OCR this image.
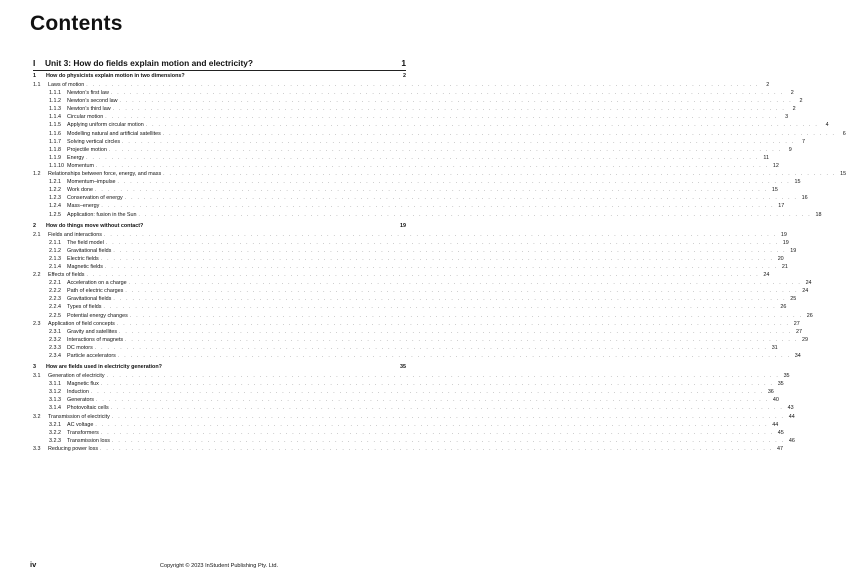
Contents
I	Unit 3: How do fields explain motion and electricity?	1
1	How do physicists explain motion in two dimensions?	2
1.1	Laws of motion . . . . . . . . . . . . . . . . . . . . . . . . . . . . . . . . . . . . . . . . . . . . . . . . . . . . . . . . . . . . . . . . . . . . . . . . . . . . . . . . . . . . . . . . . . . . . . . . . . . . . . . . . .	2
1.1.1	Newton’s first law . . . . . . . . . . . . . . . . . . . . . . . . . . . . . . . . . . . . . . . . . . . . . . . . . . . . . . . . . . . . . . . . . . . . . . . . . . . . . . . . . . . . . . . . . . . . . . . . . . . . . . . . . .	2
1.1.2	Newton’s second law . . . . . . . . . . . . . . . . . . . . . . . . . . . . . . . . . . . . . . . . . . . . . . . . . . . . . . . . . . . . . . . . . . . . . . . . . . . . . . . . . . . . . . . . . . . . . . . . . . . . . . . . . .	2
1.1.3	Newton’s third law . . . . . . . . . . . . . . . . . . . . . . . . . . . . . . . . . . . . . . . . . . . . . . . . . . . . . . . . . . . . . . . . . . . . . . . . . . . . . . . . . . . . . . . . . . . . . . . . . . . . . . . . . .	2
1.1.4	Circular motion . . . . . . . . . . . . . . . . . . . . . . . . . . . . . . . . . . . . . . . . . . . . . . . . . . . . . . . . . . . . . . . . . . . . . . . . . . . . . . . . . . . . . . . . . . . . . . . . . . . . . . . . . .	3
1.1.5	Applying uniform circular motion . . . . . . . . . . . . . . . . . . . . . . . . . . . . . . . . . . . . . . . . . . . . . . . . . . . . . . . . . . . . . . . . . . . . . . . . . . . . . . . . . . . . . . . . . . . . . . . . . . . . . . . . . .	4
1.1.6	Modelling natural and artificial satellites . . . . . . . . . . . . . . . . . . . . . . . . . . . . . . . . . . . . . . . . . . . . . . . . . . . . . . . . . . . . . . . . . . . . . . . . . . . . . . . . . . . . . . . . . . . . . . . . . . . . . . . . . .	6
1.1.7	Solving vertical circles . . . . . . . . . . . . . . . . . . . . . . . . . . . . . . . . . . . . . . . . . . . . . . . . . . . . . . . . . . . . . . . . . . . . . . . . . . . . . . . . . . . . . . . . . . . . . . . . . . . . . . . . . .	7
1.1.8	Projectile motion . . . . . . . . . . . . . . . . . . . . . . . . . . . . . . . . . . . . . . . . . . . . . . . . . . . . . . . . . . . . . . . . . . . . . . . . . . . . . . . . . . . . . . . . . . . . . . . . . . . . . . . . . .	9
1.1.9	Energy . . . . . . . . . . . . . . . . . . . . . . . . . . . . . . . . . . . . . . . . . . . . . . . . . . . . . . . . . . . . . . . . . . . . . . . . . . . . . . . . . . . . . . . . . . . . . . . . . . . . . . . . . . 11
1.1.10 Momentum . . . . . . . . . . . . . . . . . . . . . . . . . . . . . . . . . . . . . . . . . . . . . . . . . . . . . . . . . . . . . . . . . . . . . . . . . . . . . . . . . . . . . . . . . . . . . . . . . . . . . . . . . . 12
1.2	Relationships between force, energy, and mass . . . . . . . . . . . . . . . . . . . . . . . . . . . . . . . . . . . . . . . . . . . . . . . . . . . . . . . . . . . . . . . . . . . . . . . . . . . . . . . . . . . . . . . . . . . . . . . . . . . . . . . . . . 15
1.2.1	Momentum–impulse . . . . . . . . . . . . . . . . . . . . . . . . . . . . . . . . . . . . . . . . . . . . . . . . . . . . . . . . . . . . . . . . . . . . . . . . . . . . . . . . . . . . . . . . . . . . . . . . . . . . . . . . . . 15
1.2.2	Work done . . . . . . . . . . . . . . . . . . . . . . . . . . . . . . . . . . . . . . . . . . . . . . . . . . . . . . . . . . . . . . . . . . . . . . . . . . . . . . . . . . . . . . . . . . . . . . . . . . . . . . . . . . 15
1.2.3	Conservation of energy . . . . . . . . . . . . . . . . . . . . . . . . . . . . . . . . . . . . . . . . . . . . . . . . . . . . . . . . . . . . . . . . . . . . . . . . . . . . . . . . . . . . . . . . . . . . . . . . . . . . . . . . . . 16
1.2.4	Mass–energy . . . . . . . . . . . . . . . . . . . . . . . . . . . . . . . . . . . . . . . . . . . . . . . . . . . . . . . . . . . . . . . . . . . . . . . . . . . . . . . . . . . . . . . . . . . . . . . . . . . . . . . . . . 17
1.2.5	Application: fusion in the Sun . . . . . . . . . . . . . . . . . . . . . . . . . . . . . . . . . . . . . . . . . . . . . . . . . . . . . . . . . . . . . . . . . . . . . . . . . . . . . . . . . . . . . . . . . . . . . . . . . . . . . . . . . . 18
2	How do things move without contact?	19
2.1	Fields and interactions . . . . . . . . . . . . . . . . . . . . . . . . . . . . . . . . . . . . . . . . . . . . . . . . . . . . . . . . . . . . . . . . . . . . . . . . . . . . . . . . . . . . . . . . . . . . . . . . . . . . . . . . . . 19
2.1.1	The field model . . . . . . . . . . . . . . . . . . . . . . . . . . . . . . . . . . . . . . . . . . . . . . . . . . . . . . . . . . . . . . . . . . . . . . . . . . . . . . . . . . . . . . . . . . . . . . . . . . . . . . . . . . 19
2.1.2	Gravitational fields . . . . . . . . . . . . . . . . . . . . . . . . . . . . . . . . . . . . . . . . . . . . . . . . . . . . . . . . . . . . . . . . . . . . . . . . . . . . . . . . . . . . . . . . . . . . . . . . . . . . . . . . . . 19
2.1.3	Electric fields . . . . . . . . . . . . . . . . . . . . . . . . . . . . . . . . . . . . . . . . . . . . . . . . . . . . . . . . . . . . . . . . . . . . . . . . . . . . . . . . . . . . . . . . . . . . . . . . . . . . . . . . . . 20
2.1.4	Magnetic fields . . . . . . . . . . . . . . . . . . . . . . . . . . . . . . . . . . . . . . . . . . . . . . . . . . . . . . . . . . . . . . . . . . . . . . . . . . . . . . . . . . . . . . . . . . . . . . . . . . . . . . . . . . 21
2.2	Effects of fields . . . . . . . . . . . . . . . . . . . . . . . . . . . . . . . . . . . . . . . . . . . . . . . . . . . . . . . . . . . . . . . . . . . . . . . . . . . . . . . . . . . . . . . . . . . . . . . . . . . . . . . . . . 24
2.2.1	Acceleration on a charge . . . . . . . . . . . . . . . . . . . . . . . . . . . . . . . . . . . . . . . . . . . . . . . . . . . . . . . . . . . . . . . . . . . . . . . . . . . . . . . . . . . . . . . . . . . . . . . . . . . . . . . . . . 24
2.2.2	Path of electric charges . . . . . . . . . . . . . . . . . . . . . . . . . . . . . . . . . . . . . . . . . . . . . . . . . . . . . . . . . . . . . . . . . . . . . . . . . . . . . . . . . . . . . . . . . . . . . . . . . . . . . . . . . . 24
2.2.3	Gravitational fields . . . . . . . . . . . . . . . . . . . . . . . . . . . . . . . . . . . . . . . . . . . . . . . . . . . . . . . . . . . . . . . . . . . . . . . . . . . . . . . . . . . . . . . . . . . . . . . . . . . . . . . . . . 25
2.2.4	Types of fields . . . . . . . . . . . . . . . . . . . . . . . . . . . . . . . . . . . . . . . . . . . . . . . . . . . . . . . . . . . . . . . . . . . . . . . . . . . . . . . . . . . . . . . . . . . . . . . . . . . . . . . . . . 26
2.2.5	Potential energy changes . . . . . . . . . . . . . . . . . . . . . . . . . . . . . . . . . . . . . . . . . . . . . . . . . . . . . . . . . . . . . . . . . . . . . . . . . . . . . . . . . . . . . . . . . . . . . . . . . . . . . . . . . . 26
2.3	Application of field concepts . . . . . . . . . . . . . . . . . . . . . . . . . . . . . . . . . . . . . . . . . . . . . . . . . . . . . . . . . . . . . . . . . . . . . . . . . . . . . . . . . . . . . . . . . . . . . . . . . . . . . . . . . . 27
2.3.1	Gravity and satellites . . . . . . . . . . . . . . . . . . . . . . . . . . . . . . . . . . . . . . . . . . . . . . . . . . . . . . . . . . . . . . . . . . . . . . . . . . . . . . . . . . . . . . . . . . . . . . . . . . . . . . . . . . 27
2.3.2	Interactions of magnets . . . . . . . . . . . . . . . . . . . . . . . . . . . . . . . . . . . . . . . . . . . . . . . . . . . . . . . . . . . . . . . . . . . . . . . . . . . . . . . . . . . . . . . . . . . . . . . . . . . . . . . . . . 29
2.3.3	DC motors . . . . . . . . . . . . . . . . . . . . . . . . . . . . . . . . . . . . . . . . . . . . . . . . . . . . . . . . . . . . . . . . . . . . . . . . . . . . . . . . . . . . . . . . . . . . . . . . . . . . . . . . . . 31
2.3.4	Particle accelerators . . . . . . . . . . . . . . . . . . . . . . . . . . . . . . . . . . . . . . . . . . . . . . . . . . . . . . . . . . . . . . . . . . . . . . . . . . . . . . . . . . . . . . . . . . . . . . . . . . . . . . . . . . 34
3	How are fields used in electricity generation?	35
3.1	Generation of electricity . . . . . . . . . . . . . . . . . . . . . . . . . . . . . . . . . . . . . . . . . . . . . . . . . . . . . . . . . . . . . . . . . . . . . . . . . . . . . . . . . . . . . . . . . . . . . . . . . . . . . . . . . . 35
3.1.1	Magnetic flux . . . . . . . . . . . . . . . . . . . . . . . . . . . . . . . . . . . . . . . . . . . . . . . . . . . . . . . . . . . . . . . . . . . . . . . . . . . . . . . . . . . . . . . . . . . . . . . . . . . . . . . . . . 35
3.1.2	Induction . . . . . . . . . . . . . . . . . . . . . . . . . . . . . . . . . . . . . . . . . . . . . . . . . . . . . . . . . . . . . . . . . . . . . . . . . . . . . . . . . . . . . . . . . . . . . . . . . . . . . . . . . . 36
3.1.3	Generators . . . . . . . . . . . . . . . . . . . . . . . . . . . . . . . . . . . . . . . . . . . . . . . . . . . . . . . . . . . . . . . . . . . . . . . . . . . . . . . . . . . . . . . . . . . . . . . . . . . . . . . . . . 40
3.1.4	Photovoltaic cells . . . . . . . . . . . . . . . . . . . . . . . . . . . . . . . . . . . . . . . . . . . . . . . . . . . . . . . . . . . . . . . . . . . . . . . . . . . . . . . . . . . . . . . . . . . . . . . . . . . . . . . . . . 43
3.2	Transmission of electricity . . . . . . . . . . . . . . . . . . . . . . . . . . . . . . . . . . . . . . . . . . . . . . . . . . . . . . . . . . . . . . . . . . . . . . . . . . . . . . . . . . . . . . . . . . . . . . . . . . . . . . . . . . 44
3.2.1	AC voltage . . . . . . . . . . . . . . . . . . . . . . . . . . . . . . . . . . . . . . . . . . . . . . . . . . . . . . . . . . . . . . . . . . . . . . . . . . . . . . . . . . . . . . . . . . . . . . . . . . . . . . . . . . 44
3.2.2	Transformers . . . . . . . . . . . . . . . . . . . . . . . . . . . . . . . . . . . . . . . . . . . . . . . . . . . . . . . . . . . . . . . . . . . . . . . . . . . . . . . . . . . . . . . . . . . . . . . . . . . . . . . . . . 45
3.2.3	Transmission loss . . . . . . . . . . . . . . . . . . . . . . . . . . . . . . . . . . . . . . . . . . . . . . . . . . . . . . . . . . . . . . . . . . . . . . . . . . . . . . . . . . . . . . . . . . . . . . . . . . . . . . . . . . 46
3.3	Reducing power loss . . . . . . . . . . . . . . . . . . . . . . . . . . . . . . . . . . . . . . . . . . . . . . . . . . . . . . . . . . . . . . . . . . . . . . . . . . . . . . . . . . . . . . . . . . . . . . . . . . . . . . . . . . 47
iv	Copyright © 2023 InStudent Publishing Pty. Ltd.
